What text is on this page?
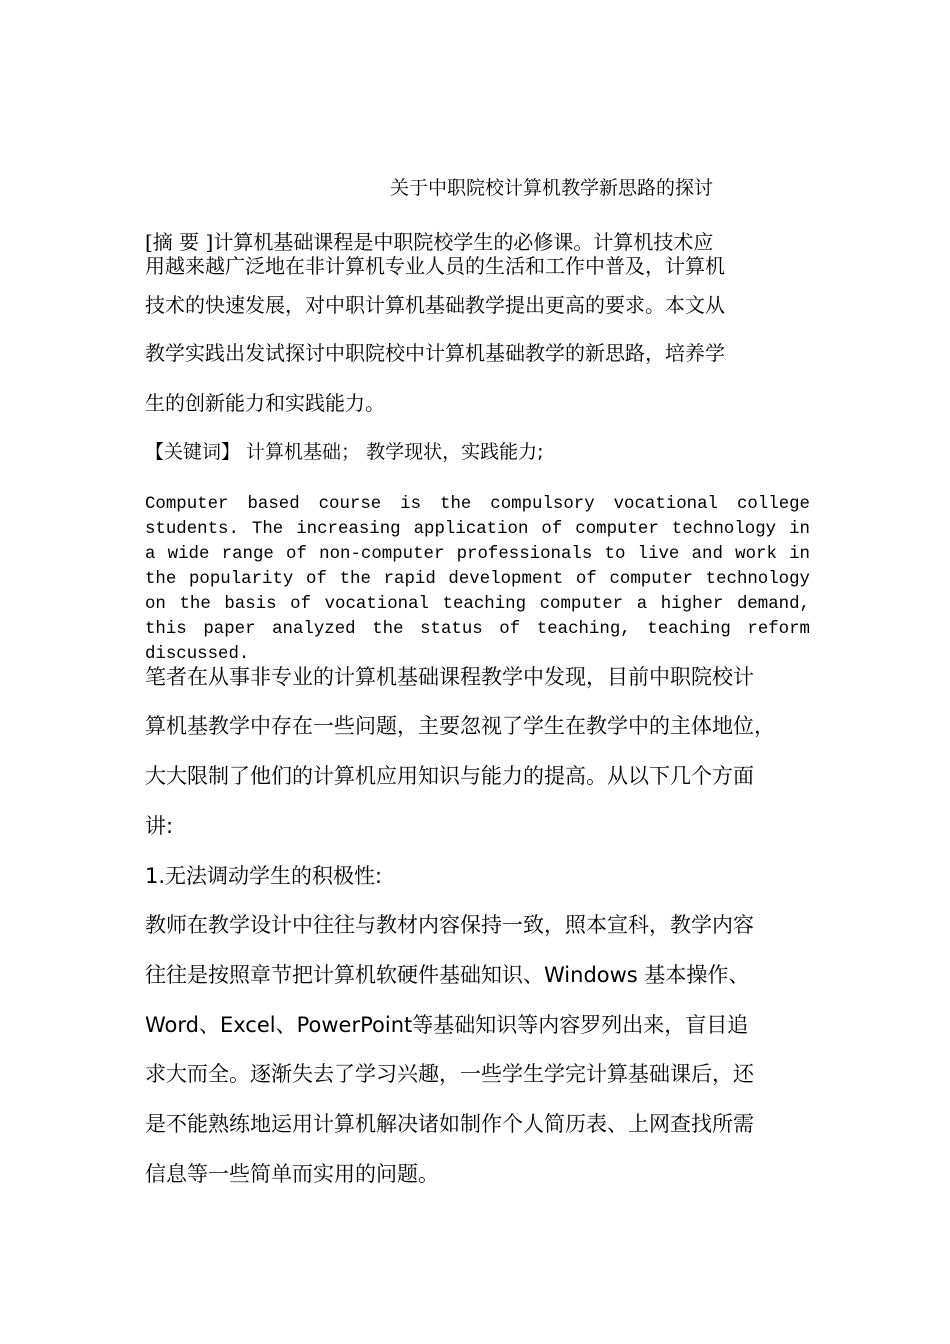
关于中职院校计算机教学新思路的探讨
[摘 要 ]计算机基础课程是中职院校学生的必修课。计算机技术应
用越来越广泛地在非计算机专业人员的生活和工作中普及，计算机
技术的快速发展，对中职计算机基础教学提出更高的要求。本文从
教学实践出发试探讨中职院校中计算机基础教学的新思路，培养学
生的创新能力和实践能力。
【关键词】 计算机基础； 教学现状，实践能力;

Computer based course is the compulsory vocational college students. The increasing application of computer technology in a wide range of non-computer professionals to live and work in the popularity of the rapid development of computer technology on the basis of vocational teaching computer a higher demand, this paper analyzed the status of teaching, teaching reform discussed.

笔者在从事非专业的计算机基础课程教学中发现，目前中职院校计
算机基教学中存在一些问题，主要忽视了学生在教学中的主体地位，
大大限制了他们的计算机应用知识与能力的提高。从以下几个方面
讲:
1.无法调动学生的积极性:
教师在教学设计中往往与教材内容保持一致，照本宣科，教学内容
往往是按照章节把计算机软硬件基础知识、Windows 基本操作、
Word、Excel、PowerPoint等基础知识等内容罗列出来，盲目追
求大而全。逐渐失去了学习兴趣，一些学生学完计算基础课后，还
是不能熟练地运用计算机解决诸如制作个人简历表、上网查找所需
信息等一些简单而实用的问题。
